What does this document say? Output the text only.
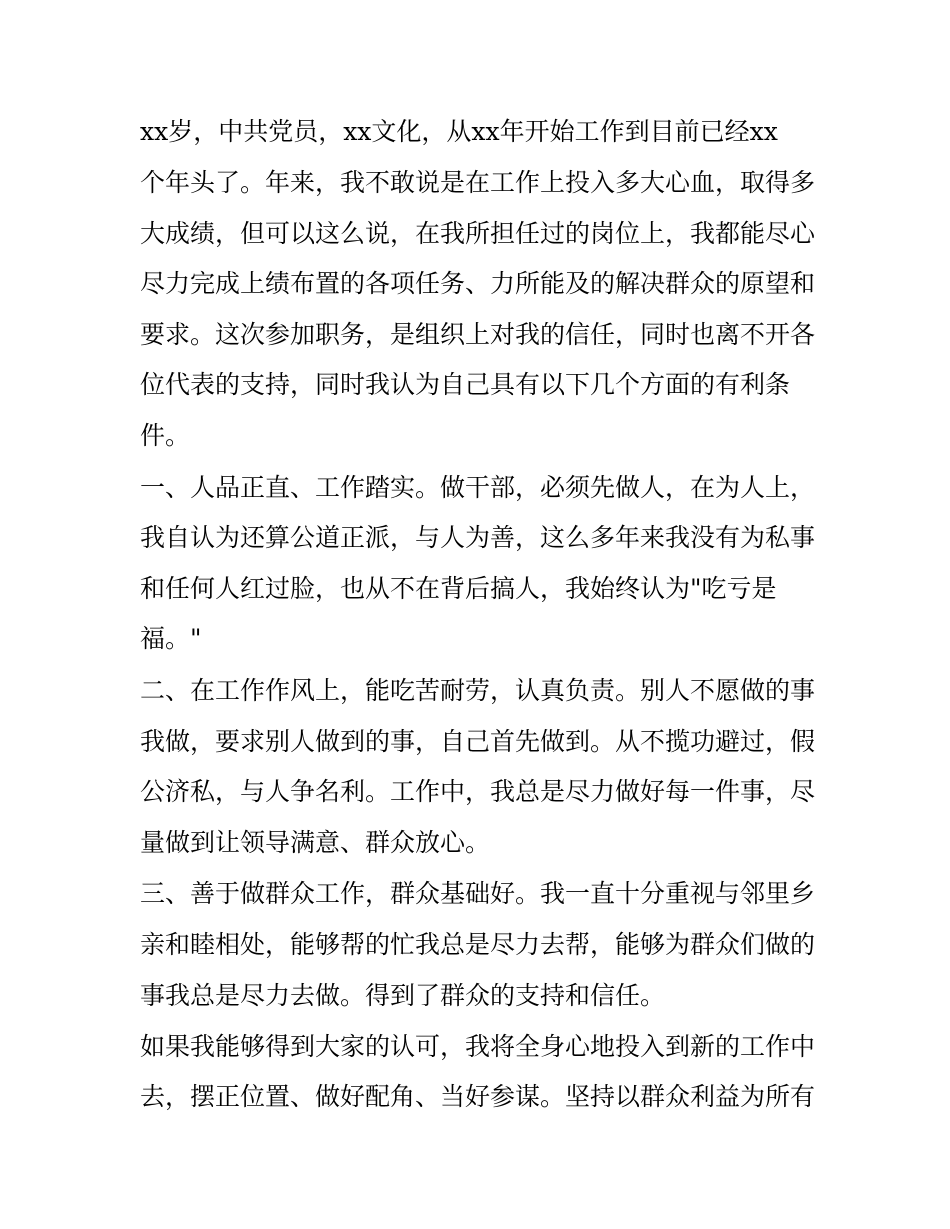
xx岁，中共党员，xx文化，从xx年开始工作到目前已经xx
个年头了。年来，我不敢说是在工作上投入多大心血，取得多
大成绩，但可以这么说，在我所担任过的岗位上，我都能尽心
尽力完成上绩布置的各项任务、力所能及的解决群众的原望和
要求。这次参加职务，是组织上对我的信任，同时也离不开各
位代表的支持，同时我认为自己具有以下几个方面的有利条
件。
一、人品正直、工作踏实。做干部，必须先做人，在为人上，
我自认为还算公道正派，与人为善，这么多年来我没有为私事
和任何人红过脸，也从不在背后搞人，我始终认为"吃亏是
福。"
二、在工作作风上，能吃苦耐劳，认真负责。别人不愿做的事
我做，要求别人做到的事，自己首先做到。从不揽功避过，假
公济私，与人争名利。工作中，我总是尽力做好每一件事，尽
量做到让领导满意、群众放心。
三、善于做群众工作，群众基础好。我一直十分重视与邻里乡
亲和睦相处，能够帮的忙我总是尽力去帮，能够为群众们做的
事我总是尽力去做。得到了群众的支持和信任。
如果我能够得到大家的认可，我将全身心地投入到新的工作中
去，摆正位置、做好配角、当好参谋。坚持以群众利益为所有
